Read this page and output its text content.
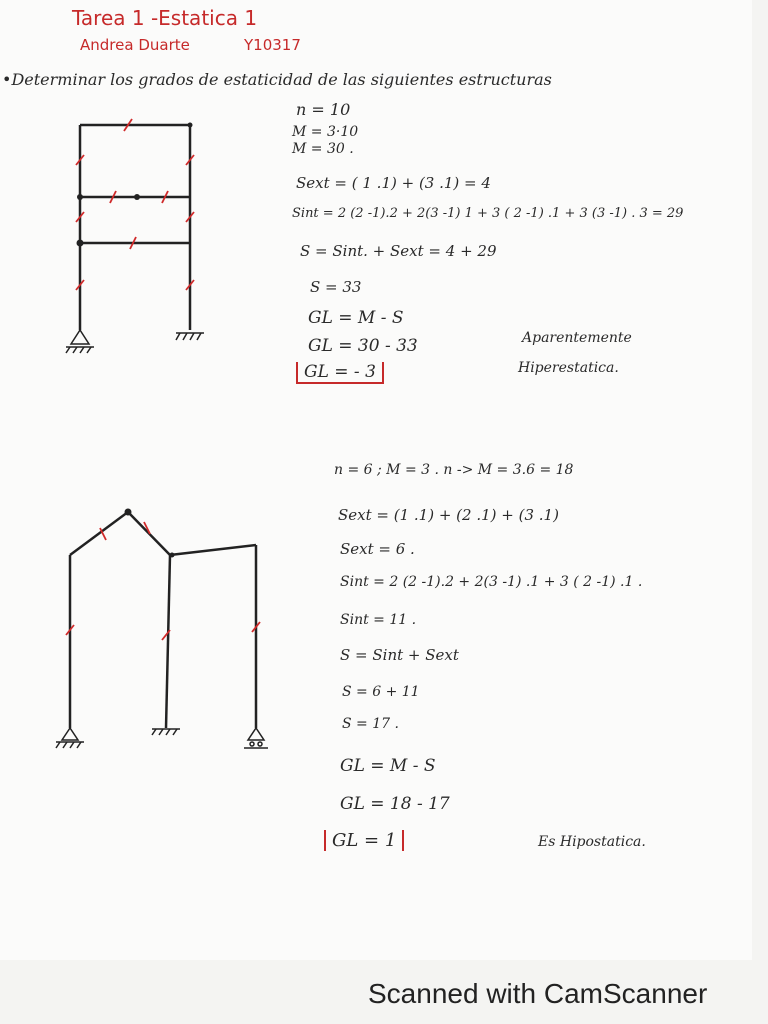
Tarea 1 -Estatica 1
Andrea Duarte	Y10317
•Determinar los grados de estaticidad de las siguientes estructuras
n = 10
M = 3·10
M = 30 .
Sext = ( 1 .1) + (3 .1) = 4
Sint = 2 (2 -1).2 + 2(3 -1) 1 + 3 ( 2 -1) .1 + 3 (3 -1) . 3 = 29
S = Sint. + Sext = 4 + 29
S = 33
GL = M - S
GL = 30 - 33
GL = - 3
Aparentemente
Hiperestatica.
n = 6 ; M = 3 . n -> M = 3.6 = 18
Sext = (1 .1) + (2 .1) + (3 .1)
Sext = 6 .
Sint = 2 (2 -1).2 + 2(3 -1) .1 + 3 ( 2 -1) .1 .
Sint = 11 .
S = Sint + Sext
S = 6 + 11
S = 17 .
GL = M - S
GL = 18 - 17
GL = 1	Es Hipostatica.
Scanned with CamScanner
